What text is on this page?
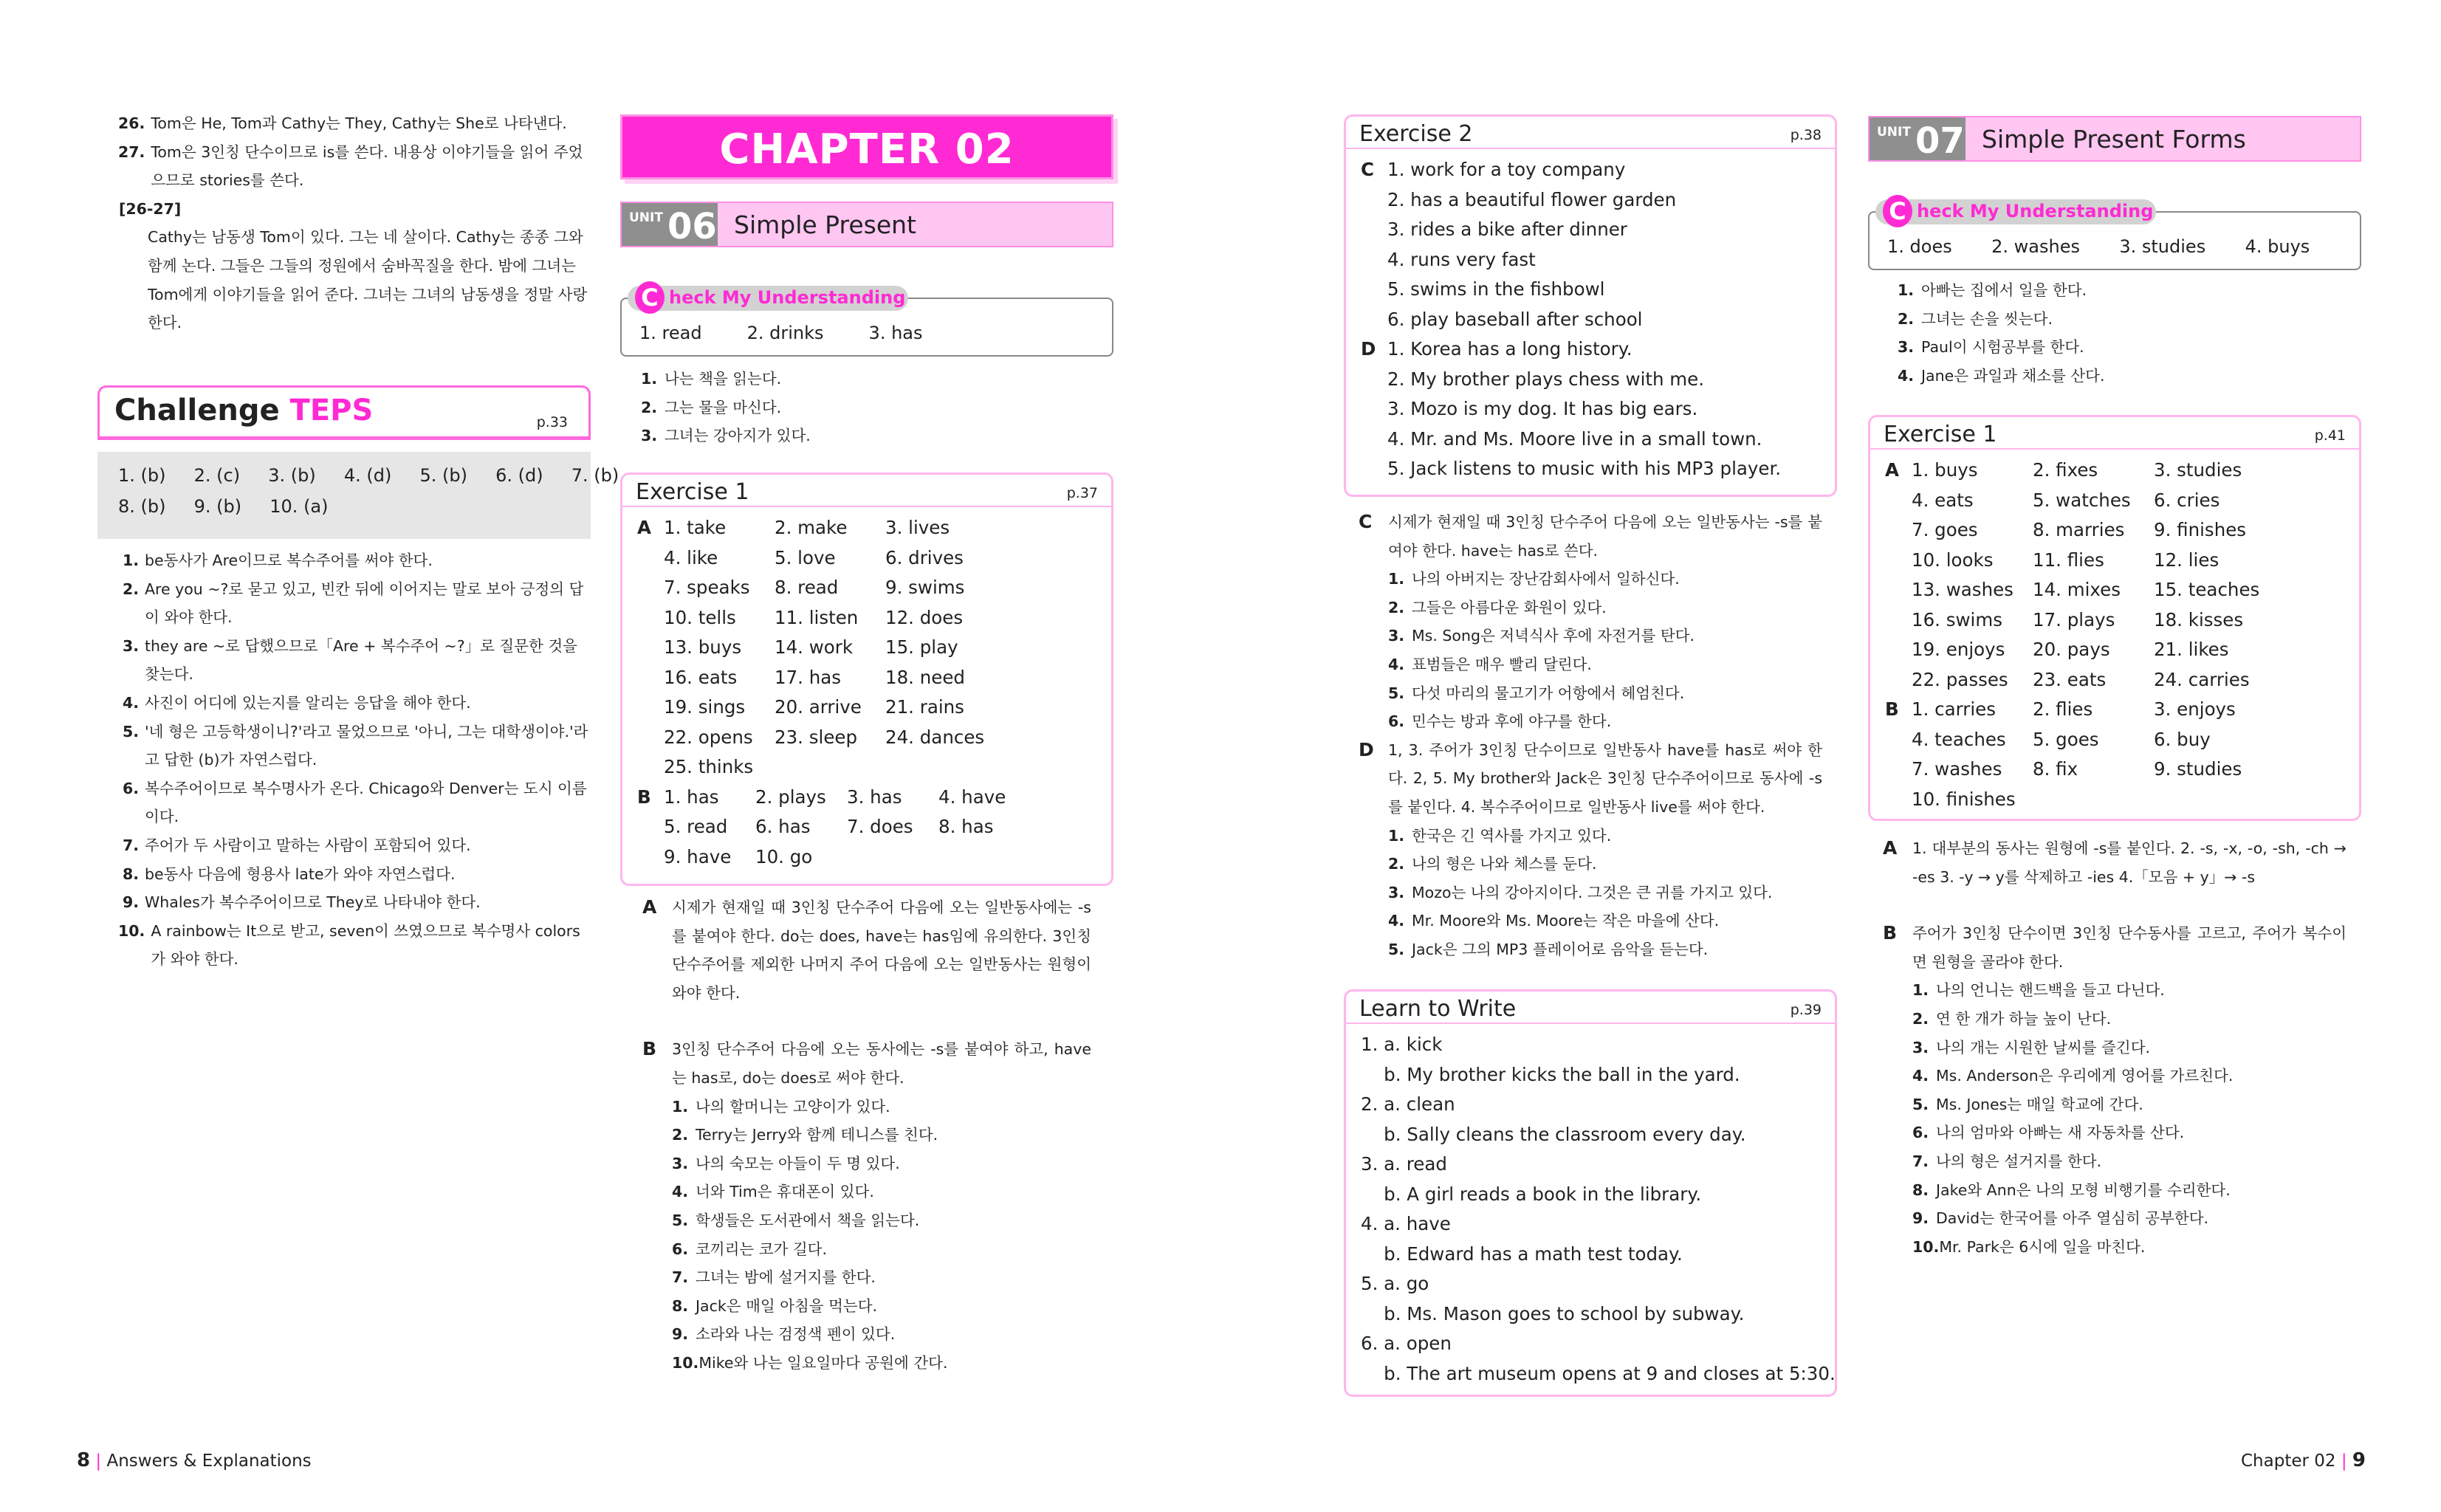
26. Tom은 He, Tom과 Cathy는 They, Cathy는 She로 나타낸다.
27. Tom은 3인칭 단수이므로 is를 쓴다. 내용상 이야기들을 읽어 주었으므로 stories를 쓴다.
[26-27]
Cathy는 남동생 Tom이 있다. 그는 네 살이다. Cathy는 종종 그와 함께 논다. 그들은 그들의 정원에서 숨바꼭질을 한다. 밤에 그녀는 Tom에게 이야기들을 읽어 준다. 그녀는 그녀의 남동생을 정말 사랑한다.
Challenge TEPS	p.33
1. (b)     2. (c)     3. (b)     4. (d)     5. (b)     6. (d)     7. (b)
8. (b)     9. (b)     10. (a)
1. be동사가 Are이므로 복수주어를 써야 한다.
2. Are you ~?로 묻고 있고, 빈칸 뒤에 이어지는 말로 보아 긍정의 답이 와야 한다.
3. they are ~로 답했으므로「Are + 복수주어 ~?」로 질문한 것을 찾는다.
4. 사진이 어디에 있는지를 알리는 응답을 해야 한다.
5. '네 형은 고등학생이니?'라고 물었으므로 '아니, 그는 대학생이야.'라고 답한 (b)가 자연스럽다.
6. 복수주어이므로 복수명사가 온다. Chicago와 Denver는 도시 이름이다.
7. 주어가 두 사람이고 말하는 사람이 포함되어 있다.
8. be동사 다음에 형용사 late가 와야 자연스럽다.
9. Whales가 복수주어이므로 They로 나타내야 한다.
10. A rainbow는 It으로 받고, seven이 쓰였으므로 복수명사 colors가 와야 한다.
CHAPTER 02
UNIT 06 Simple Present
C heck My Understanding
1. read        2. drinks        3. has
1. 나는 책을 읽는다.
2. 그는 물을 마신다.
3. 그녀는 강아지가 있다.
Exercise 1	p.37
A 1. take	2. make	3. lives
4. like	5. love	6. drives
7. speaks	8. read	9. swims
10. tells	11. listen	12. does
13. buys	14. work	15. play
16. eats	17. has	18. need
19. sings	20. arrive	21. rains
22. opens	23. sleep	24. dances
25. thinks
B 1. has	2. plays	3. has	4. have
5. read	6. has	7. does	8. has
9. have	10. go
A	시제가 현재일 때 3인칭 단수주어 다음에 오는 일반동사에는 -s를 붙여야 한다. do는 does, have는 has임에 유의한다. 3인칭 단수주어를 제외한 나머지 주어 다음에 오는 일반동사는 원형이 와야 한다.
B	3인칭 단수주어 다음에 오는 동사에는 -s를 붙여야 하고, have는 has로, do는 does로 써야 한다.
1. 나의 할머니는 고양이가 있다.
2. Terry는 Jerry와 함께 테니스를 친다.
3. 나의 숙모는 아들이 두 명 있다.
4. 너와 Tim은 휴대폰이 있다.
5. 학생들은 도서관에서 책을 읽는다.
6. 코끼리는 코가 길다.
7. 그녀는 밤에 설거지를 한다.
8. Jack은 매일 아침을 먹는다.
9. 소라와 나는 검정색 펜이 있다.
10. Mike와 나는 일요일마다 공원에 간다.
Exercise 2	p.38
C 1. work for a toy company
2. has a beautiful flower garden
3. rides a bike after dinner
4. runs very fast
5. swims in the fishbowl
6. play baseball after school
D 1. Korea has a long history.
2. My brother plays chess with me.
3. Mozo is my dog. It has big ears.
4. Mr. and Ms. Moore live in a small town.
5. Jack listens to music with his MP3 player.
C	시제가 현재일 때 3인칭 단수주어 다음에 오는 일반동사는 -s를 붙여야 한다. have는 has로 쓴다.
1. 나의 아버지는 장난감회사에서 일하신다.
2. 그들은 아름다운 화원이 있다.
3. Ms. Song은 저녁식사 후에 자전거를 탄다.
4. 표범들은 매우 빨리 달린다.
5. 다섯 마리의 물고기가 어항에서 헤엄친다.
6. 민수는 방과 후에 야구를 한다.
D 1, 3. 주어가 3인칭 단수이므로 일반동사 have를 has로 써야 한다. 2, 5. My brother와 Jack은 3인칭 단수주어이므로 동사에 -s를 붙인다. 4. 복수주어이므로 일반동사 live를 써야 한다.
1. 한국은 긴 역사를 가지고 있다.
2. 나의 형은 나와 체스를 둔다.
3. Mozo는 나의 강아지이다. 그것은 큰 귀를 가지고 있다.
4. Mr. Moore와 Ms. Moore는 작은 마을에 산다.
5. Jack은 그의 MP3 플레이어로 음악을 듣는다.
Learn to Write	p.39
1. a. kick
b. My brother kicks the ball in the yard.
2. a. clean
b. Sally cleans the classroom every day.
3. a. read
b. A girl reads a book in the library.
4. a. have
b. Edward has a math test today.
5. a. go
b. Ms. Mason goes to school by subway.
6. a. open
b. The art museum opens at 9 and closes at 5:30.
UNIT 07 Simple Present Forms
C heck My Understanding
1. does       2. washes       3. studies       4. buys
1. 아빠는 집에서 일을 한다.
2. 그녀는 손을 씻는다.
3. Paul이 시험공부를 한다.
4. Jane은 과일과 채소를 산다.
Exercise 1	p.41
A 1. buys	2. fixes	3. studies
4. eats	5. watches	6. cries
7. goes	8. marries	9. finishes
10. looks	11. flies	12. lies
13. washes	14. mixes	15. teaches
16. swims	17. plays	18. kisses
19. enjoys	20. pays	21. likes
22. passes	23. eats	24. carries
B 1. carries	2. flies	3. enjoys
4. teaches	5. goes	6. buy
7. washes	8. fix	9. studies
10. finishes
A	1. 대부분의 동사는 원형에 -s를 붙인다. 2. -s, -x, -o, -sh, -ch → -es 3. -y → y를 삭제하고 -ies 4.「모음 + y」→ -s
B	주어가 3인칭 단수이면 3인칭 단수동사를 고르고, 주어가 복수이면 원형을 골라야 한다.
1. 나의 언니는 핸드백을 들고 다닌다.
2. 연 한 개가 하늘 높이 난다.
3. 나의 개는 시원한 날씨를 즐긴다.
4. Ms. Anderson은 우리에게 영어를 가르친다.
5. Ms. Jones는 매일 학교에 간다.
6. 나의 엄마와 아빠는 새 자동차를 산다.
7. 나의 형은 설거지를 한다.
8. Jake와 Ann은 나의 모형 비행기를 수리한다.
9. David는 한국어를 아주 열심히 공부한다.
10. Mr. Park은 6시에 일을 마친다.
8 | Answers & Explanations	Chapter 02 | 9
